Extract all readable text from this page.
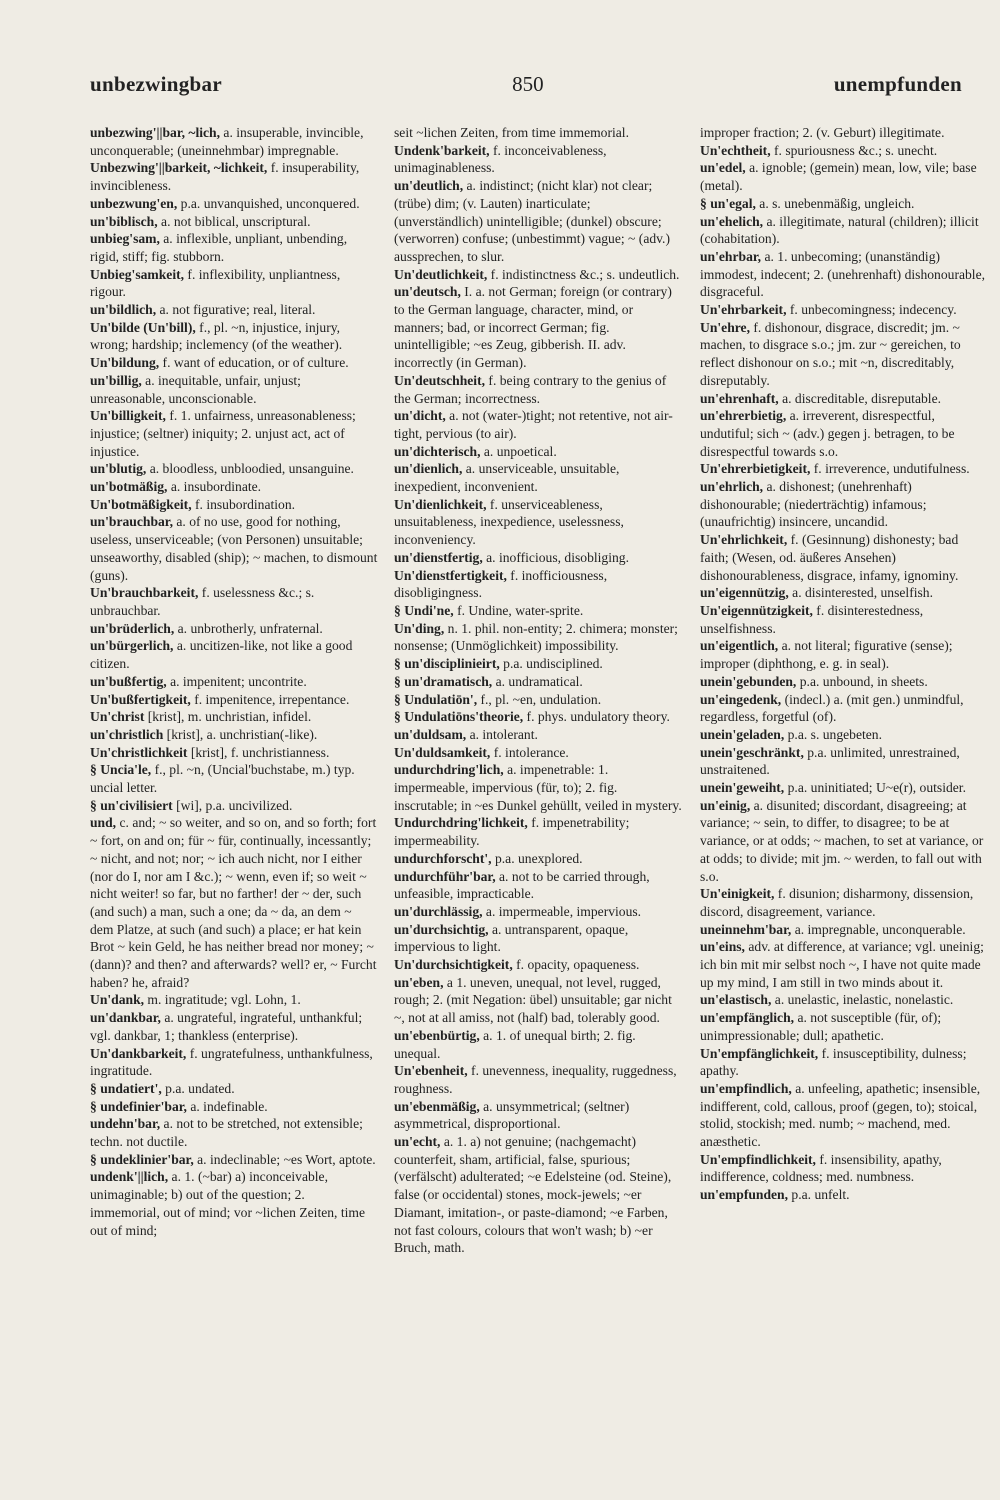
unbezwingbar	850	unempfunden

unbezwing'||bar, ~lich, a. insuperable, invincible, unconquerable; (uneinnehmbar) impregnable.

Unbezwing'||barkeit, ~lichkeit, f. insuperability, invincibleness.

unbezwung'en, p.a. unvanquished, unconquered.

un'biblisch, a. not biblical, unscriptural.

unbieg'sam, a. inflexible, unpliant, unbending, rigid, stiff; fig. stubborn.

Unbieg'samkeit, f. inflexibility, unpliantness, rigour.

un'bildlich, a. not figurative; real, literal.

Un'bilde (Un'bill), f., pl. ~n, injustice, injury, wrong; hardship; inclemency (of the weather).

Un'bildung, f. want of education, or of culture.

un'billig, a. inequitable, unfair, unjust; unreasonable, unconscionable.

Un'billigkeit, f. 1. unfairness, unreasonableness; injustice; (seltner) iniquity; 2. unjust act, act of injustice.

un'blutig, a. bloodless, unbloodied, unsanguine.

un'botmäßig, a. insubordinate.

Un'botmäßigkeit, f. insubordination.

un'brauchbar, a. of no use, good for nothing, useless, unserviceable; (von Personen) unsuitable; unseaworthy, disabled (ship); ~ machen, to dismount (guns).

Un'brauchbarkeit, f. uselessness &c.; s. unbrauchbar.

un'brüderlich, a. unbrotherly, unfraternal.

un'bürgerlich, a. uncitizen-like, not like a good citizen.

un'bußfertig, a. impenitent; uncontrite.

Un'bußfertigkeit, f. impenitence, irrepentance.

Un'christ [krist], m. unchristian, infidel.

un'christlich [krist], a. unchristian(-like).

Un'christlichkeit [krist], f. unchristianness.

§ Uncia'le, f., pl. ~n, (Uncial'buchstabe, m.) typ. uncial letter.

§ un'civilisiert [wi], p.a. uncivilized.

und, c. and; ~ so weiter, and so on, and so forth; fort ~ fort, on and on; für ~ für, continually, incessantly; ~ nicht, and not; nor; ~ ich auch nicht, nor I either (nor do I, nor am I &c.); ~ wenn, even if; so weit ~ nicht weiter! so far, but no farther! der ~ der, such (and such) a man, such a one; da ~ da, an dem ~ dem Platze, at such (and such) a place; er hat kein Brot ~ kein Geld, he has neither bread nor money; ~ (dann)? and then? and afterwards? well? er, ~ Furcht haben? he, afraid?

Un'dank, m. ingratitude; vgl. Lohn, 1.

un'dankbar, a. ungrateful, ingrateful, unthankful; vgl. dankbar, 1; thankless (enterprise).

Un'dankbarkeit, f. ungratefulness, unthankfulness, ingratitude.

§ undatiert', p.a. undated.

§ undefinier'bar, a. indefinable.

undehn'bar, a. not to be stretched, not extensible; techn. not ductile.

§ undeklinier'bar, a. indeclinable; ~es Wort, aptote.

undenk'||lich, a. 1. (~bar) a) inconceivable, unimaginable; b) out of the question; 2. immemorial, out of mind; vor ~lichen Zeiten, time out of mind;

seit ~lichen Zeiten, from time immemorial.

Undenk'barkeit, f. inconceivableness, unimaginableness.

un'deutlich, a. indistinct; (nicht klar) not clear; (trübe) dim; (v. Lauten) inarticulate; (unverständlich) unintelligible; (dunkel) obscure; (verworren) confuse; (unbestimmt) vague; ~ (adv.) aussprechen, to slur.

Un'deutlichkeit, f. indistinctness &c.; s. undeutlich.

un'deutsch, I. a. not German; foreign (or contrary) to the German language, character, mind, or manners; bad, or incorrect German; fig. unintelligible; ~es Zeug, gibberish. II. adv. incorrectly (in German).

Un'deutschheit, f. being contrary to the genius of the German; incorrectness.

un'dicht, a. not (water-)tight; not retentive, not air-tight, pervious (to air).

un'dichterisch, a. unpoetical.

un'dienlich, a. unserviceable, unsuitable, inexpedient, inconvenient.

Un'dienlichkeit, f. unserviceableness, unsuitableness, inexpedience, uselessness, inconveniency.

un'dienstfertig, a. inofficious, disobliging.

Un'dienstfertigkeit, f. inofficiousness, disobligingness.

§ Undi'ne, f. Undine, water-sprite.

Un'ding, n. 1. phil. non-entity; 2. chimera; monster; nonsense; (Unmöglichkeit) impossibility.

§ un'disciplinieirt, p.a. undisciplined.

§ un'dramatisch, a. undramatical.

§ Undulatiōn', f., pl. ~en, undulation.

§ Undulatiōns'theorie, f. phys. undulatory theory.

un'duldsam, a. intolerant.

Un'duldsamkeit, f. intolerance.

undurchdring'lich, a. impenetrable: 1. impermeable, impervious (für, to); 2. fig. inscrutable; in ~es Dunkel gehüllt, veiled in mystery.

Undurchdring'lichkeit, f. impenetrability; impermeability.

undurchforscht', p.a. unexplored.

undurchführ'bar, a. not to be carried through, unfeasible, impracticable.

un'durchlässig, a. impermeable, impervious.

un'durchsichtig, a. untransparent, opaque, impervious to light.

Un'durchsichtigkeit, f. opacity, opaqueness.

un'eben, a 1. uneven, unequal, not level, rugged, rough; 2. (mit Negation: übel) unsuitable; gar nicht ~, not at all amiss, not (half) bad, tolerably good.

un'ebenbürtig, a. 1. of unequal birth; 2. fig. unequal.

Un'ebenheit, f. unevenness, inequality, ruggedness, roughness.

un'ebenmäßig, a. unsymmetrical; (seltner) asymmetrical, disproportional.

un'echt, a. 1. a) not genuine; (nachgemacht) counterfeit, sham, artificial, false, spurious; (verfälscht) adulterated; ~e Edelsteine (od. Steine), false (or occidental) stones, mock-jewels; ~er Diamant, imitation-, or paste-diamond; ~e Farben, not fast colours, colours that won't wash; b) ~er Bruch, math.

improper fraction; 2. (v. Geburt) illegitimate.

Un'echtheit, f. spuriousness &c.; s. unecht.

un'edel, a. ignoble; (gemein) mean, low, vile; base (metal).

§ un'egal, a. s. unebenmäßig, ungleich.

un'ehelich, a. illegitimate, natural (children); illicit (cohabitation).

un'ehrbar, a. 1. unbecoming; (unanständig) immodest, indecent; 2. (unehrenhaft) dishonourable, disgraceful.

Un'ehrbarkeit, f. unbecomingness; indecency.

Un'ehre, f. dishonour, disgrace, discredit; jm. ~ machen, to disgrace s.o.; jm. zur ~ gereichen, to reflect dishonour on s.o.; mit ~n, discreditably, disreputably.

un'ehrenhaft, a. discreditable, disreputable.

un'ehrerbietig, a. irreverent, disrespectful, undutiful; sich ~ (adv.) gegen j. betragen, to be disrespectful towards s.o.

Un'ehrerbietigkeit, f. irreverence, undutifulness.

un'ehrlich, a. dishonest; (unehrenhaft) dishonourable; (niederträchtig) infamous; (unaufrichtig) insincere, uncandid.

Un'ehrlichkeit, f. (Gesinnung) dishonesty; bad faith; (Wesen, od. äußeres Ansehen) dishonourableness, disgrace, infamy, ignominy.

un'eigennützig, a. disinterested, unselfish.

Un'eigennützigkeit, f. disinterestedness, unselfishness.

un'eigentlich, a. not literal; figurative (sense); improper (diphthong, e. g. in seal).

unein'gebunden, p.a. unbound, in sheets.

un'eingedenk, (indecl.) a. (mit gen.) unmindful, regardless, forgetful (of).

unein'geladen, p.a. s. ungebeten.

unein'geschränkt, p.a. unlimited, unrestrained, unstraitened.

unein'geweiht, p.a. uninitiated; U~e(r), outsider.

un'einig, a. disunited; discordant, disagreeing; at variance; ~ sein, to differ, to disagree; to be at variance, or at odds; ~ machen, to set at variance, or at odds; to divide; mit jm. ~ werden, to fall out with s.o.

Un'einigkeit, f. disunion; disharmony, dissension, discord, disagreement, variance.

uneinnehm'bar, a. impregnable, unconquerable.

un'eins, adv. at difference, at variance; vgl. uneinig; ich bin mit mir selbst noch ~, I have not quite made up my mind, I am still in two minds about it.

un'elastisch, a. unelastic, inelastic, nonelastic.

un'empfänglich, a. not susceptible (für, of); unimpressionable; dull; apathetic.

Un'empfänglichkeit, f. insusceptibility, dulness; apathy.

un'empfindlich, a. unfeeling, apathetic; insensible, indifferent, cold, callous, proof (gegen, to); stoical, stolid, stockish; med. numb; ~ machend, med. anæsthetic.

Un'empfindlichkeit, f. insensibility, apathy, indifference, coldness; med. numbness.

un'empfunden, p.a. unfelt.
